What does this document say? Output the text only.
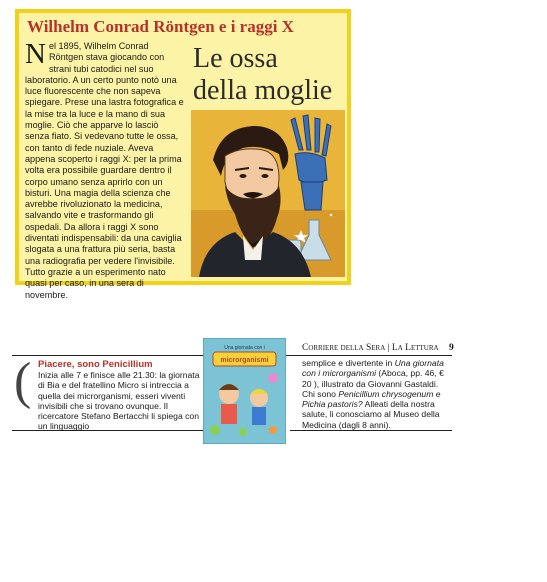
Wilhelm Conrad Röntgen e i raggi X
Nel 1895, Wilhelm Conrad Röntgen stava giocando con strani tubi catodici nel suo laboratorio. A un certo punto notò una luce fluorescente che non sapeva spiegare. Prese una lastra fotografica e la mise tra la luce e la mano di sua moglie. Ciò che apparve lo lasciò senza fiato. Si vedevano tutte le ossa, con tanto di fede nuziale. Aveva appena scoperto i raggi X: per la prima volta era possibile guardare dentro il corpo umano senza aprirlo con un bisturi. Una magia della scienza che avrebbe rivoluzionato la medicina, salvando vite e trasformando gli ospedali. Da allora i raggi X sono diventati indispensabili: da una caviglia slogata a una frattura più seria, basta una radiografia per vedere l'invisibile. Tutto grazie a un esperimento nato quasi per caso, in una sera di novembre.
Le ossa
della moglie
Corriere della Sera | La Lettura 9
( Piacere, sono Penicillium
Inizia alle 7 e finisce alle 21.30: la giornata di Bia e del fratellino Micro si intreccia a quella dei microrganismi, esseri viventi invisibili che si trovano ovunque. Il ricercatore Stefano Bertacchi li spiega con un linguaggio
Una giornata con i
microrganismi	semplice e divertente in Una giornata con i microrganismi (Aboca, pp. 46, € 20 ), illustrato da Giovanni Gastaldi. Chi sono Penicillium chrysogenum e Pichia pastoris? Alleati della nostra salute, li conosciamo al Museo della Medicina (dagli 8 anni).
